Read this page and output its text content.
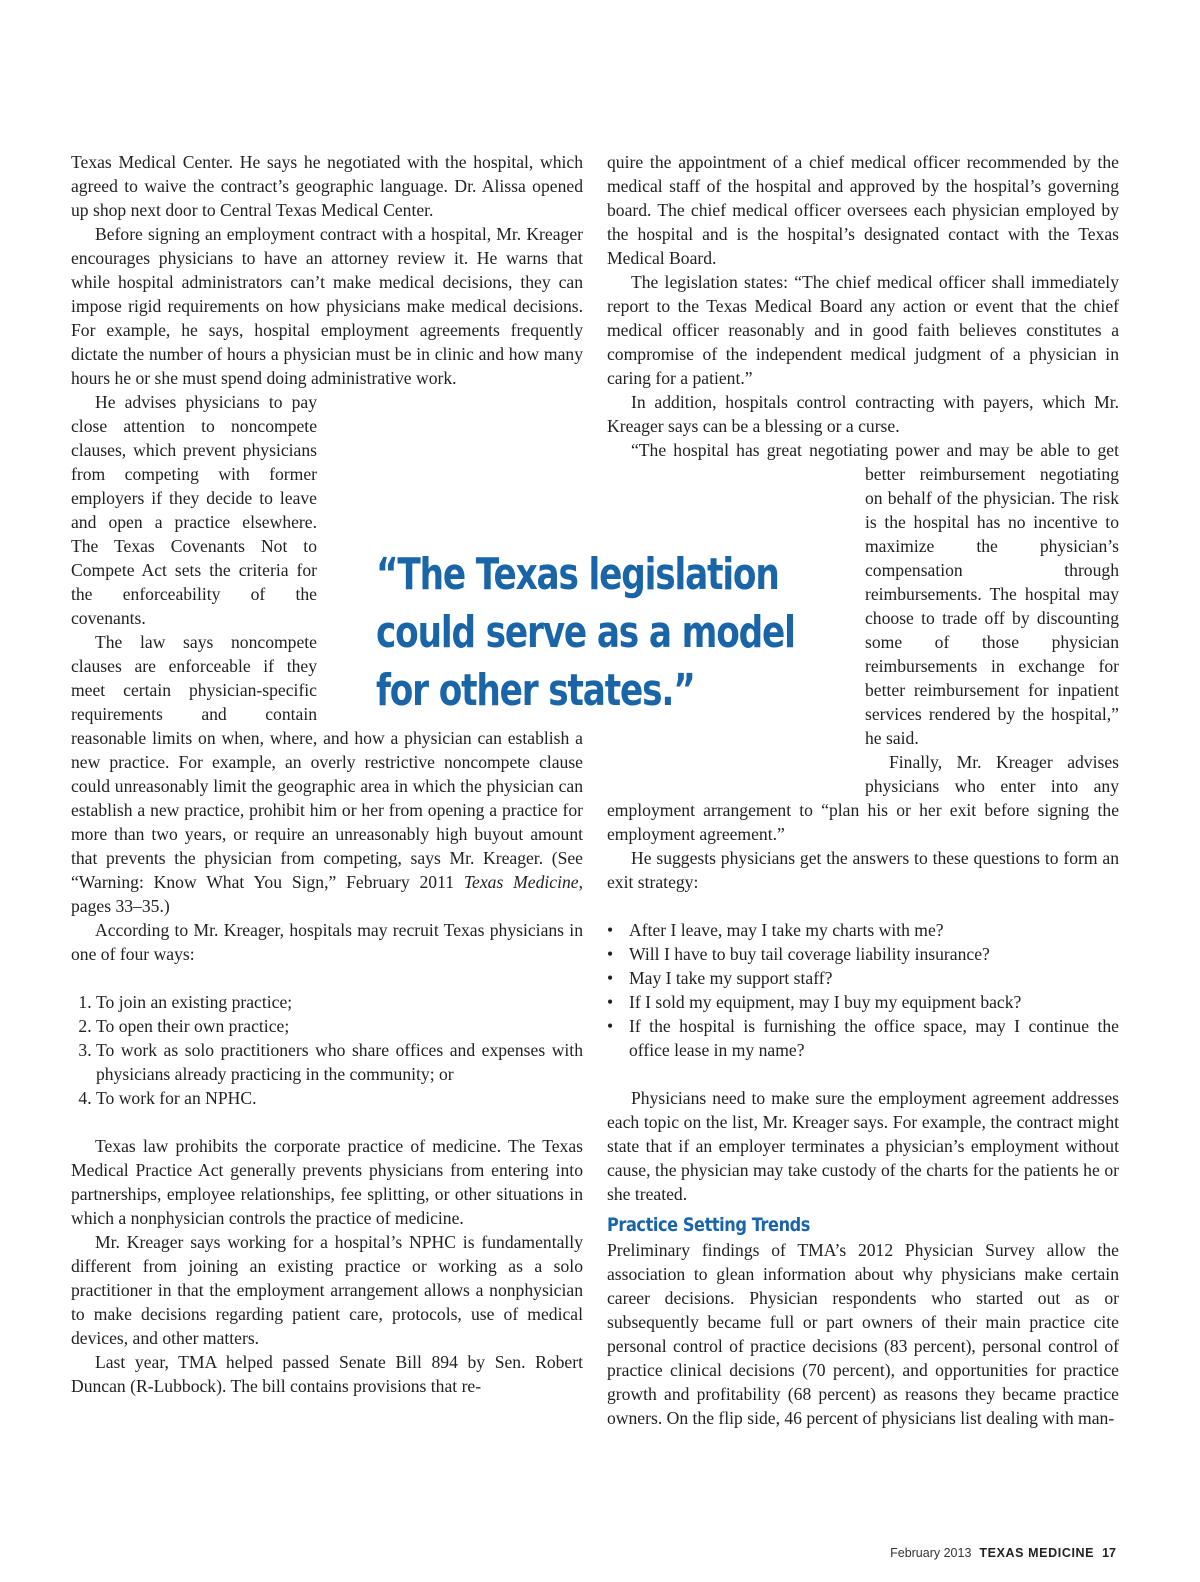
Texas Medical Center. He says he negotiated with the hospital, which agreed to waive the contract’s geographic language. Dr. Alissa opened up shop next door to Central Texas Medical Center.

Before signing an employment contract with a hospital, Mr. Kreager encourages physicians to have an attorney review it. He warns that while hospital administrators can’t make medical decisions, they can impose rigid requirements on how physicians make medical decisions. For example, he says, hospital employment agreements frequently dictate the number of hours a physician must be in clinic and how many hours he or she must spend doing administrative work.

He advises physicians to pay close attention to noncompete clauses, which prevent physicians from competing with former employers if they decide to leave and open a practice elsewhere. The Texas Covenants Not to Compete Act sets the criteria for the enforceability of the covenants.

The law says noncompete clauses are enforceable if they meet certain physician-specific requirements and contain reasonable limits on when, where, and how a physician can establish a new practice. For example, an overly restrictive noncompete clause could unreasonably limit the geographic area in which the physician can establish a new practice, prohibit him or her from opening a practice for more than two years, or require an unreasonably high buyout amount that prevents the physician from competing, says Mr. Kreager. (See “Warning: Know What You Sign,” February 2011 Texas Medicine, pages 33–35.)

According to Mr. Kreager, hospitals may recruit Texas physicians in one of four ways:

1. To join an existing practice;
2. To open their own practice;
3. To work as solo practitioners who share offices and expenses with physicians already practicing in the community; or
4. To work for an NPHC.

Texas law prohibits the corporate practice of medicine. The Texas Medical Practice Act generally prevents physicians from entering into partnerships, employee relationships, fee splitting, or other situations in which a nonphysician controls the practice of medicine.

Mr. Kreager says working for a hospital’s NPHC is fundamentally different from joining an existing practice or working as a solo practitioner in that the employment arrangement allows a nonphysician to make decisions regarding patient care, protocols, use of medical devices, and other matters.

Last year, TMA helped passed Senate Bill 894 by Sen. Robert Duncan (R-Lubbock). The bill contains provisions that re-

quire the appointment of a chief medical officer recommended by the medical staff of the hospital and approved by the hospital’s governing board. The chief medical officer oversees each physician employed by the hospital and is the hospital’s designated contact with the Texas Medical Board.

The legislation states: “The chief medical officer shall immediately report to the Texas Medical Board any action or event that the chief medical officer reasonably and in good faith believes constitutes a compromise of the independent medical judgment of a physician in caring for a patient.”

In addition, hospitals control contracting with payers, which Mr. Kreager says can be a blessing or a curse.

“The hospital has great negotiating power and may be able to get better reimbursement negotiating on behalf of the physician. The risk is the hospital has no incentive to maximize the physician’s compensation through reimbursements. The hospital may choose to trade off by discounting some of those physician reimbursements in exchange for better reimbursement for inpatient services rendered by the hospital,” he said.

Finally, Mr. Kreager advises physicians who enter into any employment arrangement to “plan his or her exit before signing the employment agreement.”

He suggests physicians get the answers to these questions to form an exit strategy:

• After I leave, may I take my charts with me?
• Will I have to buy tail coverage liability insurance?
• May I take my support staff?
• If I sold my equipment, may I buy my equipment back?
• If the hospital is furnishing the office space, may I continue the office lease in my name?

Physicians need to make sure the employment agreement addresses each topic on the list, Mr. Kreager says. For example, the contract might state that if an employer terminates a physician’s employment without cause, the physician may take custody of the charts for the patients he or she treated.

Practice Setting Trends

Preliminary findings of TMA’s 2012 Physician Survey allow the association to glean information about why physicians make certain career decisions. Physician respondents who started out as or subsequently became full or part owners of their main practice cite personal control of practice decisions (83 percent), personal control of practice clinical decisions (70 percent), and opportunities for practice growth and profitability (68 percent) as reasons they became practice owners. On the flip side, 46 percent of physicians list dealing with man-

“The Texas legislation could serve as a model for other states.”
February 2013 TEXAS MEDICINE 17
